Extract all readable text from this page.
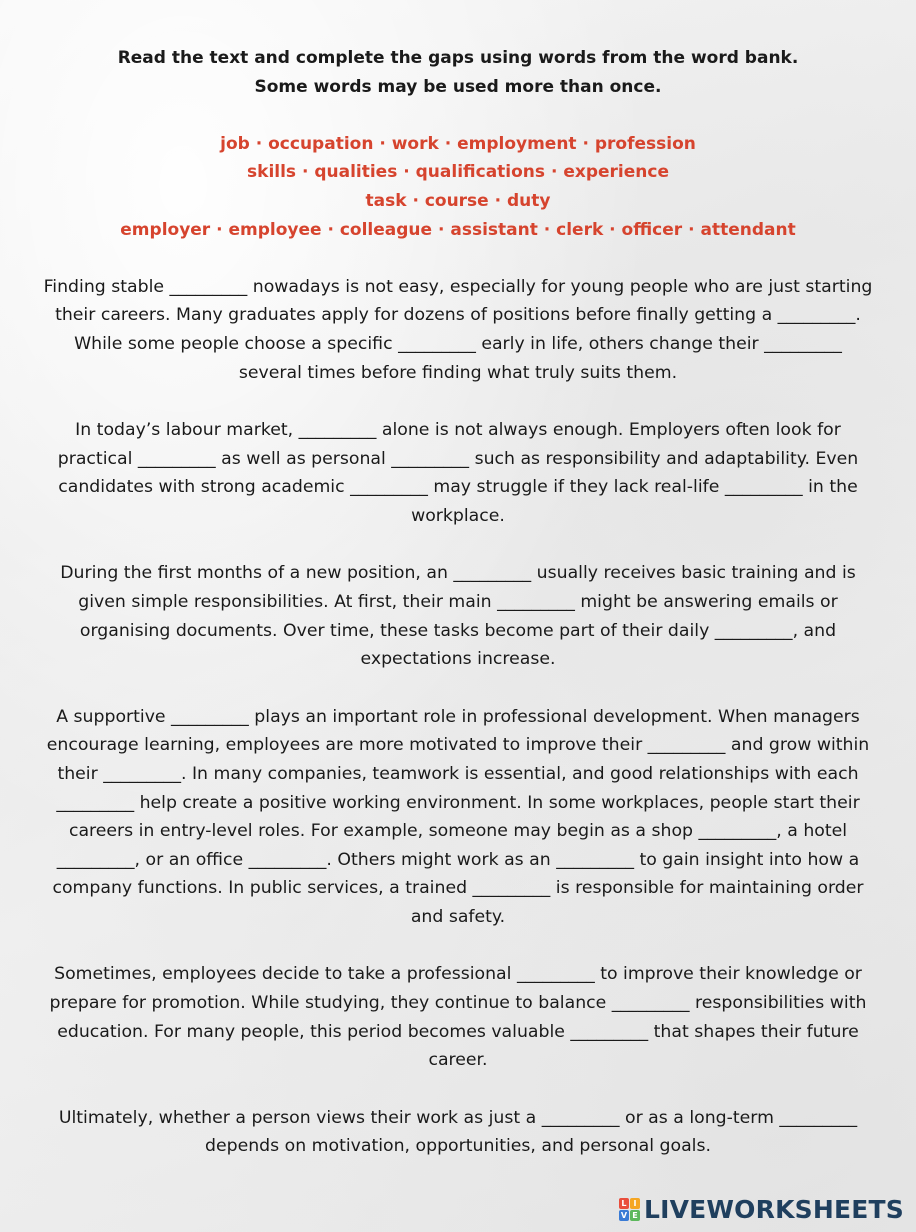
Read the text and complete the gaps using words from the word bank.
Some words may be used more than once.
job · occupation · work · employment · profession
skills · qualities · qualifications · experience
task · course · duty
employer · employee · colleague · assistant · clerk · officer · attendant

Finding stable _________ nowadays is not easy, especially for young people who are just starting their careers. Many graduates apply for dozens of positions before finally getting a _________. While some people choose a specific _________ early in life, others change their _________ several times before finding what truly suits them.

In today’s labour market, _________ alone is not always enough. Employers often look for practical _________ as well as personal _________ such as responsibility and adaptability. Even candidates with strong academic _________ may struggle if they lack real-life _________ in the workplace.

During the first months of a new position, an _________ usually receives basic training and is given simple responsibilities. At first, their main _________ might be answering emails or organising documents. Over time, these tasks become part of their daily _________, and expectations increase.

A supportive _________ plays an important role in professional development. When managers encourage learning, employees are more motivated to improve their _________ and grow within their _________. In many companies, teamwork is essential, and good relationships with each _________ help create a positive working environment. In some workplaces, people start their careers in entry-level roles. For example, someone may begin as a shop _________, a hotel _________, or an office _________. Others might work as an _________ to gain insight into how a company functions. In public services, a trained _________ is responsible for maintaining order and safety.

Sometimes, employees decide to take a professional _________ to improve their knowledge or prepare for promotion. While studying, they continue to balance _________ responsibilities with education. For many people, this period becomes valuable _________ that shapes their future career.

Ultimately, whether a person views their work as just a _________ or as a long-term _________ depends on motivation, opportunities, and personal goals.

L I
V E LIVEWORKSHEETS
